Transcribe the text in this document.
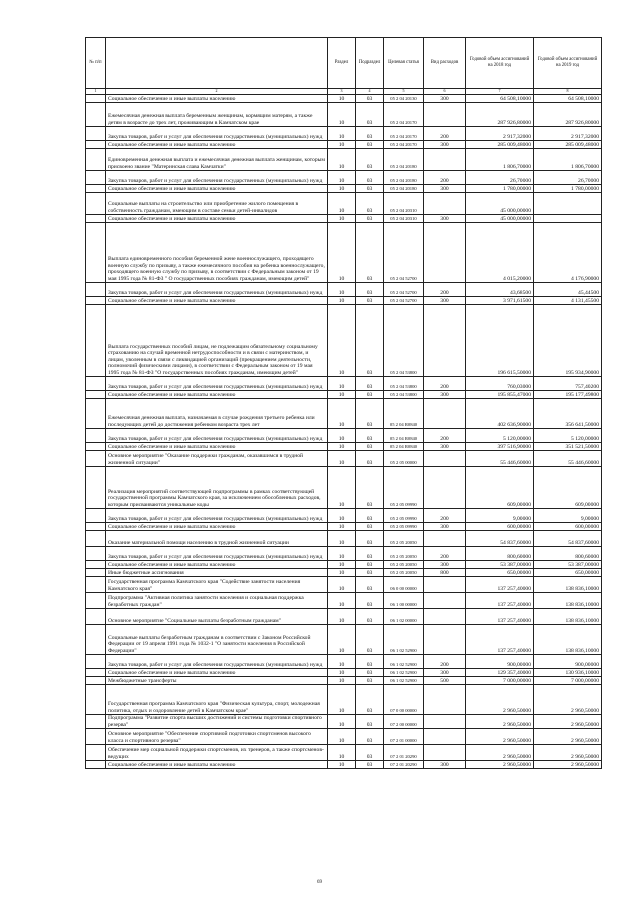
№ п/п		Раздел	Подраздел	Целевая статья	Вид расходов	Годовой объем ассигнований на 2018 год	Годовой объем ассигнований на 2019 год
1	2	3	4	5	6	7	8
	Социальное обеспечение и иные выплаты населению	10	03	05 2 04 20130	300	64 508,10000	64 508,10000
	Ежемесячная денежная выплата беременным женщинам, кормящим матерям, а также детям в возрасте до трех лет, проживающим в Камчатском крае	10	03	05 2 04 20170		287 926,80000	287 926,80000
	Закупка товаров, работ и услуг для обеспечения государственных (муниципальных) нужд	10	03	05 2 04 20170	200	2 917,32000	2 917,32000
	Социальное обеспечение и иные выплаты населению	10	03	05 2 04 20170	300	285 009,48000	285 009,48000
	Единовременная денежная выплата и ежемесячная денежная выплата женщинам, которым присвоено звание "Материнская слава Камчатки"	10	03	05 2 04 20180		1 806,70000	1 806,70000
	Закупка товаров, работ и услуг для обеспечения государственных (муниципальных) нужд	10	03	05 2 04 20180	200	26,70000	26,70000
	Социальное обеспечение и иные выплаты населению	10	03	05 2 04 20180	300	1 780,00000	1 780,00000
	Социальные выплаты на строительство или приобретение жилого помещения в собственность гражданам, имеющим в составе семьи детей-инвалидов	10	03	05 2 04 20310		45 000,00000	
	Социальное обеспечение и иные выплаты населению	10	03	05 2 04 20310	300	45 000,00000	
	Выплата единовременного пособия беременной жене военнослужащего, проходящего военную службу по призыву, а также ежемесячного пособия на ребенка военнослужащего, проходящего военную службу по призыву, в соответствии с Федеральным законом от 19 мая 1995 года № 81-ФЗ " О государственных пособиях гражданам, имеющим детей"	10	03	05 2 04 52700		4 015,20000	4 176,90000
	Закупка товаров, работ и услуг для обеспечения государственных (муниципальных) нужд	10	03	05 2 04 52700	200	43,68500	45,44500
	Социальное обеспечение и иные выплаты населению	10	03	05 2 04 52700	300	3 971,61500	4 131,45500
	Выплата государственных пособий лицам, не подлежащим обязательному социальному страхованию на случай временной нетрудоспособности и в связи с материнством, и лицам, уволенным в связи с ликвидацией организаций (прекращением деятельности, полномочий физическими лицами), в соответствии с Федеральным законом от 19 мая 1995 года № 81-ФЗ "О государственных пособиях гражданам, имеющим детей"	10	03	05 2 04 53800		196 615,50000	195 934,90000
	Закупка товаров, работ и услуг для обеспечения государственных (муниципальных) нужд	10	03	05 2 04 53800	200	760,03000	757,40200
	Социальное обеспечение и иные выплаты населению	10	03	05 2 04 53800	300	195 855,47000	195 177,49800
	Ежемесячная денежная выплата, назначаемая в случае рождения третьего ребенка или последующих детей до достижения ребенком возраста трех лет	10	03	05 2 04 R0840		402 636,90000	356 641,50000
	Закупка товаров, работ и услуг для обеспечения государственных (муниципальных) нужд	10	03	05 2 04 R0840	200	5 120,00000	5 120,00000
	Социальное обеспечение и иные выплаты населению	10	03	05 2 04 R0840	300	397 516,90000	351 521,50000
	Основное мероприятие "Оказание поддержки гражданам, оказавшимся в трудной жизненной ситуации"	10	03	05 2 05 00000		55 446,60000	55 446,60000
	Реализация мероприятий соответствующей подпрограммы в рамках соответствующей государственной программы Камчатского края, за исключением обособленных расходов, которым присваиваются уникальные коды	10	03	05 2 05 09990		609,00000	609,00000
	Закупка товаров, работ и услуг для обеспечения государственных (муниципальных) нужд	10	03	05 2 05 09990	200	9,00000	9,00000
	Социальное обеспечение и иные выплаты населению	10	03	05 2 05 09990	300	600,00000	600,00000
	Оказание материальной помощи населению в трудной жизненной ситуации	10	03	05 2 05 20050		54 837,60000	54 837,60000
	Закупка товаров, работ и услуг для обеспечения государственных (муниципальных) нужд	10	03	05 2 05 20050	200	800,60000	800,60000
	Социальное обеспечение и иные выплаты населению	10	03	05 2 05 20050	300	53 387,00000	53 387,00000
	Иные бюджетные ассигнования	10	03	05 2 05 20050	800	650,00000	650,00000
	Государственная программа Камчатского края "Содействие занятости населения Камчатского края"	10	03	06 0 00 00000		137 257,40000	138 836,10000
	Подпрограмма "Активная политика занятости населения и социальная поддержка безработных граждан"	10	03	06 1 00 00000		137 257,40000	138 836,10000
	Основное мероприятие "Социальные выплаты безработным гражданам"	10	03	06 1 02 00000		137 257,40000	138 836,10000
	Социальные выплаты безработным гражданам в соответствии с Законом Российской Федерации от 19 апреля 1991 года № 1032-1 "О занятости населения в Российской Федерации"	10	03	06 1 02 52900		137 257,40000	138 836,10000
	Закупка товаров, работ и услуг для обеспечения государственных (муниципальных) нужд	10	03	06 1 02 52900	200	900,00000	900,00000
	Социальное обеспечение и иные выплаты населению	10	03	06 1 02 52900	300	129 357,40000	130 936,10000
	Межбюджетные трансферты	10	03	06 1 02 52900	500	7 000,00000	7 000,00000
	Государственная программа Камчатского края "Физическая культура, спорт, молодежная политика, отдых и оздоровление детей в Камчатском крае"	10	03	07 0 00 00000		2 960,50000	2 960,50000
	Подпрограмма "Развитие спорта высших достижений и системы подготовки спортивного резерва"	10	03	07 2 00 00000		2 960,50000	2 960,50000
	Основное мероприятие "Обеспечение спортивной подготовки спортсменов высокого класса и спортивного резерва"	10	03	07 2 01 00000		2 960,50000	2 960,50000
	Обеспечение мер социальной поддержки спортсменов, их тренеров, а также спортсменов-ведущих	10	03	07 2 01 20290		2 960,50000	2 960,50000
	Социальное обеспечение и иные выплаты населению	10	03	07 2 01 20290	300	2 960,50000	2 960,50000
69
